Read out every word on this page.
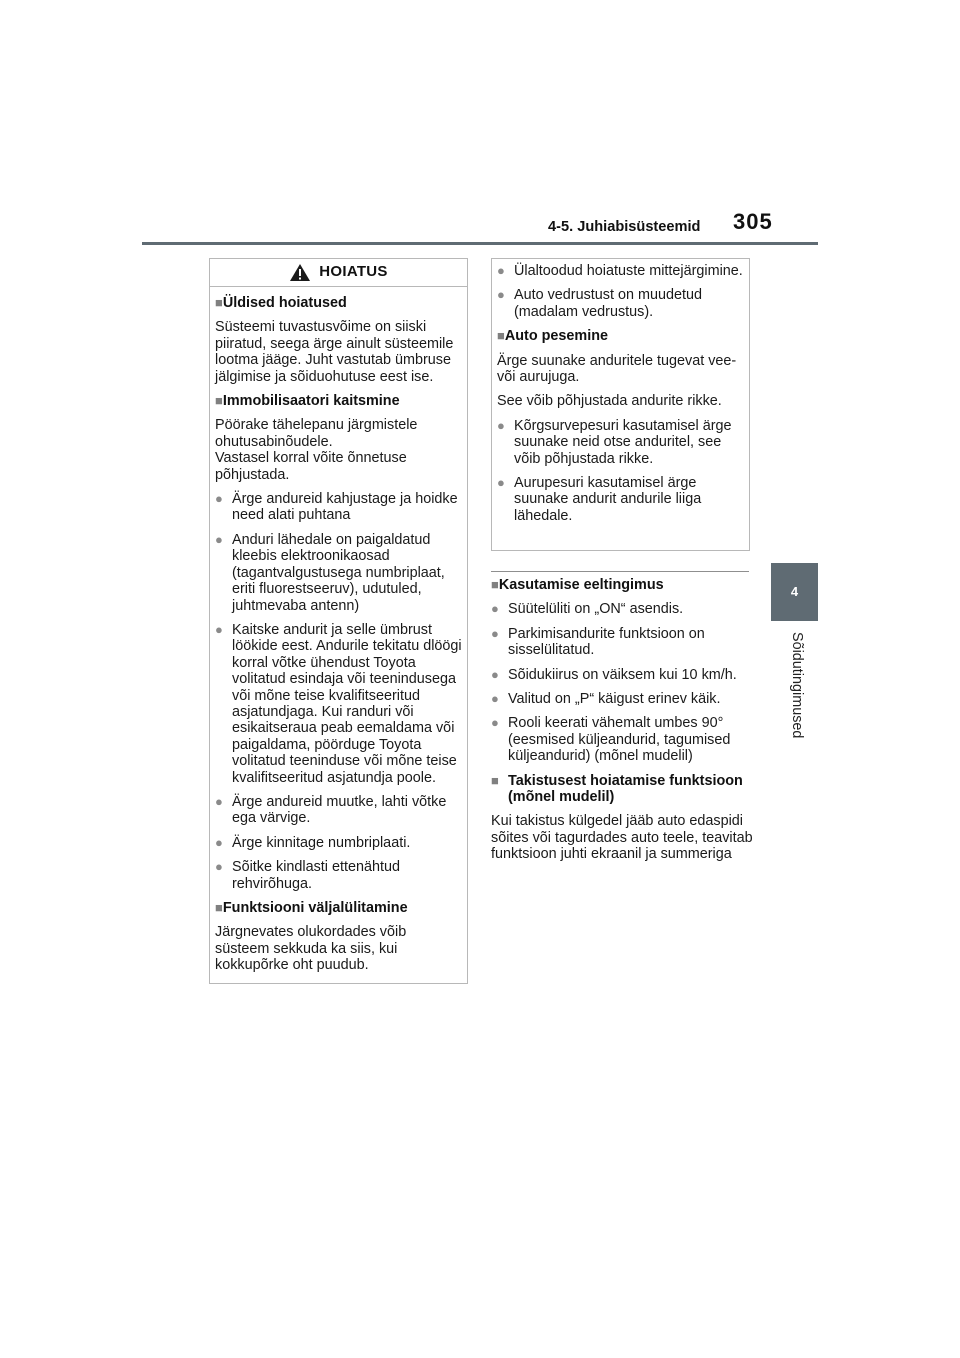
4-5. Juhiabisüsteemid 305
4
Sõidutingimused
HOIATUS
■Üldised hoiatused
Süsteemi tuvastusvõime on siiski piiratud, seega ärge ainult süsteemile lootma jääge. Juht vastutab ümbruse jälgimise ja sõiduohutuse eest ise.
■Immobilisaatori kaitsmine
Pöörake tähelepanu järgmistele ohutusabinõudele.
Vastasel korral võite õnnetuse põhjustada.
● Ärge andureid kahjustage ja hoidke need alati puhtana
● Anduri lähedale on paigaldatud kleebis elektroonikaosad (tagantvalgustusega numbriplaat, eriti fluorestseeruv), udutuled, juhtmevaba antenn)
● Kaitske andurit ja selle ümbrust löökide eest. Andurile tekitatu dlöögi korral võtke ühendust Toyota volitatud esindaja või teenindusega või mõne teise kvalifitseeritud asjatundjaga. Kui randuri või esikaitseraua peab eemaldama või paigaldama, pöörduge Toyota volitatud teeninduse või mõne teise kvalifitseeritud asjatundja poole.
● Ärge andureid muutke, lahti võtke ega värvige.
● Ärge kinnitage numbriplaati.
● Sõitke kindlasti ettenähtud rehvirõhuga.
■Funktsiooni väljalülitamine
Järgnevates olukordades võib süsteem sekkuda ka siis, kui kokkupõrke oht puudub.
● Ülaltoodud hoiatuste mittejärgimine.
● Auto vedrustust on muudetud (madalam vedrustus).
■Auto pesemine
Ärge suunake anduritele tugevat vee- või aurujuga.
See võib põhjustada andurite rikke.
● Kõrgsurvepesuri kasutamisel ärge suunake neid otse anduritel, see võib põhjustada rikke.
● Aurupesuri kasutamisel ärge suunake andurit andurile liiga lähedale.
■Kasutamise eeltingimus
● Süütelüliti on „ON“ asendis.
● Parkimisandurite funktsioon on sisselülitatud.
● Sõidukiirus on väiksem kui 10 km/h.
● Valitud on „P“ käigust erinev käik.
● Rooli keerati vähemalt umbes 90° (eesmised küljeandurid, tagumised küljeandurid) (mõnel mudelil)
■ Takistusest hoiatamise funktsioon (mõnel mudelil)
Kui takistus külgedel jääb auto edaspidi sõites või tagurdades auto teele, teavitab funktsioon juhti ekraanil ja summeriga
